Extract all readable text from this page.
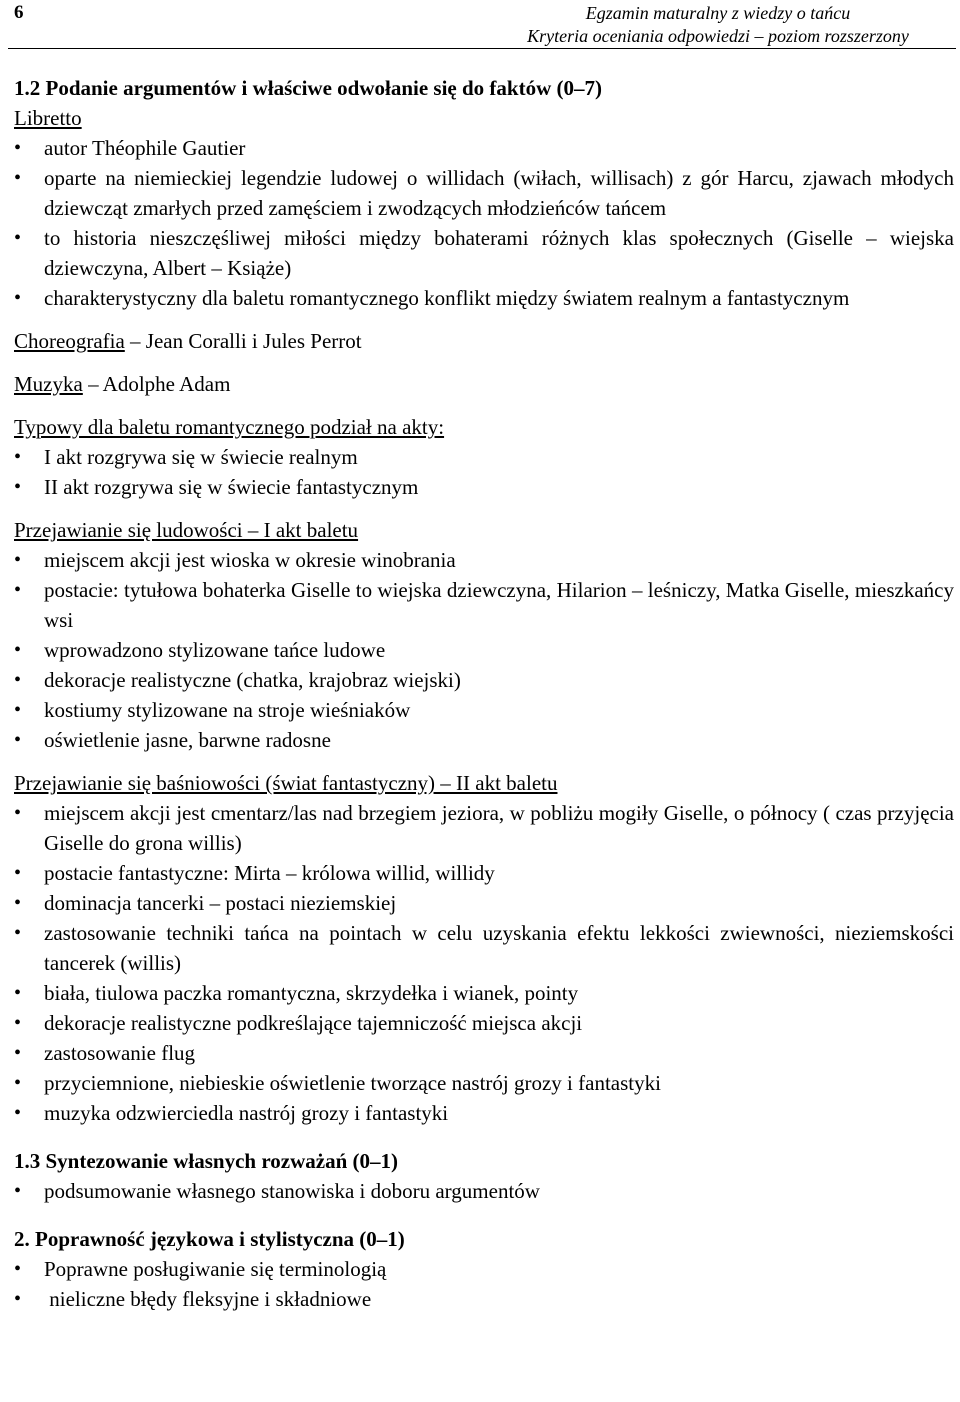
6	Egzamin maturalny z wiedzy o tańcu
Kryteria oceniania odpowiedzi – poziom rozszerzony
1.2 Podanie argumentów i właściwe odwołanie się do faktów (0–7)
Libretto
• autor Théophile Gautier
• oparte na niemieckiej legendzie ludowej o willidach (wiłach, willisach) z gór Harcu, zjawach młodych dziewcząt zmarłych przed zamęściem i zwodzących młodzieńców tańcem
• to historia nieszczęśliwej miłości między bohaterami różnych klas społecznych (Giselle – wiejska dziewczyna, Albert – Książe)
• charakterystyczny dla baletu romantycznego konflikt między światem realnym a fantastycznym
Choreografia – Jean Coralli i Jules Perrot
Muzyka – Adolphe Adam
Typowy dla baletu romantycznego podział na akty:
• I akt rozgrywa się w świecie realnym
• II akt rozgrywa się w świecie fantastycznym
Przejawianie się ludowości – I akt baletu
• miejscem akcji jest wioska w okresie winobrania
• postacie: tytułowa bohaterka Giselle to wiejska dziewczyna, Hilarion – leśniczy, Matka Giselle, mieszkańcy wsi
• wprowadzono stylizowane tańce ludowe
• dekoracje realistyczne (chatka, krajobraz wiejski)
• kostiumy stylizowane na stroje wieśniaków
• oświetlenie jasne, barwne radosne
Przejawianie się baśniowości (świat fantastyczny) – II akt baletu
• miejscem akcji jest cmentarz/las nad brzegiem jeziora, w pobliżu mogiły Giselle, o północy ( czas przyjęcia Giselle do grona willis)
• postacie fantastyczne: Mirta – królowa willid, willidy
• dominacja tancerki – postaci nieziemskiej
• zastosowanie techniki tańca na pointach w celu uzyskania efektu lekkości zwiewności, nieziemskości tancerek (willis)
• biała, tiulowa paczka romantyczna, skrzydełka i wianek, pointy
• dekoracje realistyczne podkreślające tajemniczość miejsca akcji
• zastosowanie flug
• przyciemnione, niebieskie oświetlenie tworzące nastrój grozy i fantastyki
• muzyka odzwierciedla nastrój grozy i fantastyki
1.3 Syntezowanie własnych rozważań (0–1)
• podsumowanie własnego stanowiska i doboru argumentów
2. Poprawność językowa i stylistyczna (0–1)
• Poprawne posługiwanie się terminologią
•  nieliczne błędy fleksyjne i składniowe
